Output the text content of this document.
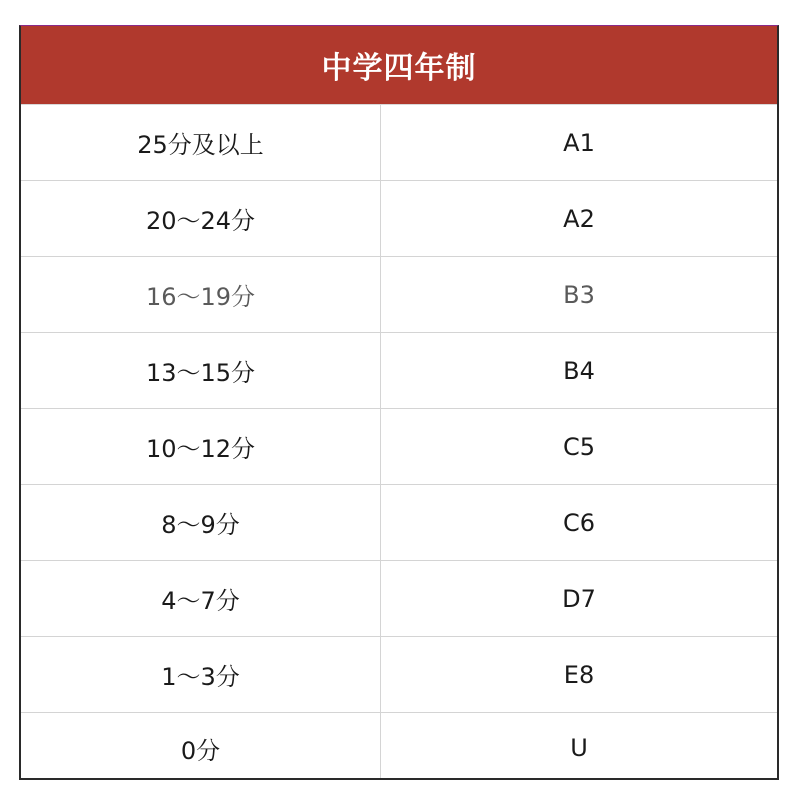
中学四年制
25分及以上	A1
20～24分	A2
16～19分	B3
13～15分	B4
10～12分	C5
8～9分	C6
4～7分	D7
1～3分	E8
0分	U
